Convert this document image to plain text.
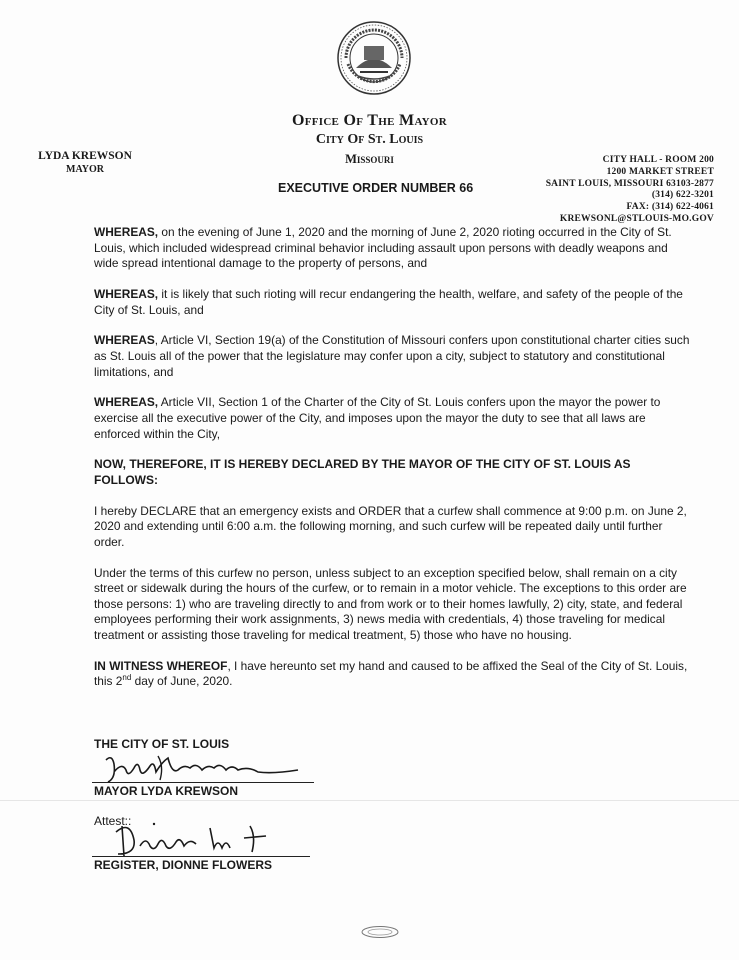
Office Of The Mayor
City Of St. Louis
Missouri
LYDA KREWSON
MAYOR
CITY HALL - ROOM 200
1200 MARKET STREET
SAINT LOUIS, MISSOURI 63103-2877
(314) 622-3201
FAX: (314) 622-4061
KREWSONL@STLOUIS-MO.GOV
EXECUTIVE ORDER NUMBER 66

WHEREAS, on the evening of June 1, 2020 and the morning of June 2, 2020 rioting occurred in the City of St. Louis, which included widespread criminal behavior including assault upon persons with deadly weapons and wide spread intentional damage to the property of persons, and

WHEREAS, it is likely that such rioting will recur endangering the health, welfare, and safety of the people of the City of St. Louis, and

WHEREAS, Article VI, Section 19(a) of the Constitution of Missouri confers upon constitutional charter cities such as St. Louis all of the power that the legislature may confer upon a city, subject to statutory and constitutional limitations, and

WHEREAS, Article VII, Section 1 of the Charter of the City of St. Louis confers upon the mayor the power to exercise all the executive power of the City, and imposes upon the mayor the duty to see that all laws are enforced within the City,

NOW, THEREFORE, IT IS HEREBY DECLARED BY THE MAYOR OF THE CITY OF ST. LOUIS AS FOLLOWS:

I hereby DECLARE that an emergency exists and ORDER that a curfew shall commence at 9:00 p.m. on June 2, 2020 and extending until 6:00 a.m. the following morning, and such curfew will be repeated daily until further order.

Under the terms of this curfew no person, unless subject to an exception specified below, shall remain on a city street or sidewalk during the hours of the curfew, or to remain in a motor vehicle. The exceptions to this order are those persons: 1) who are traveling directly to and from work or to their homes lawfully, 2) city, state, and federal employees performing their work assignments, 3) news media with credentials, 4) those traveling for medical treatment or assisting those traveling for medical treatment, 5) those who have no housing.

IN WITNESS WHEREOF, I have hereunto set my hand and caused to be affixed the Seal of the City of St. Louis, this 2nd day of June, 2020.

THE CITY OF ST. LOUIS
MAYOR LYDA KREWSON
Attest::
REGISTER, DIONNE FLOWERS
